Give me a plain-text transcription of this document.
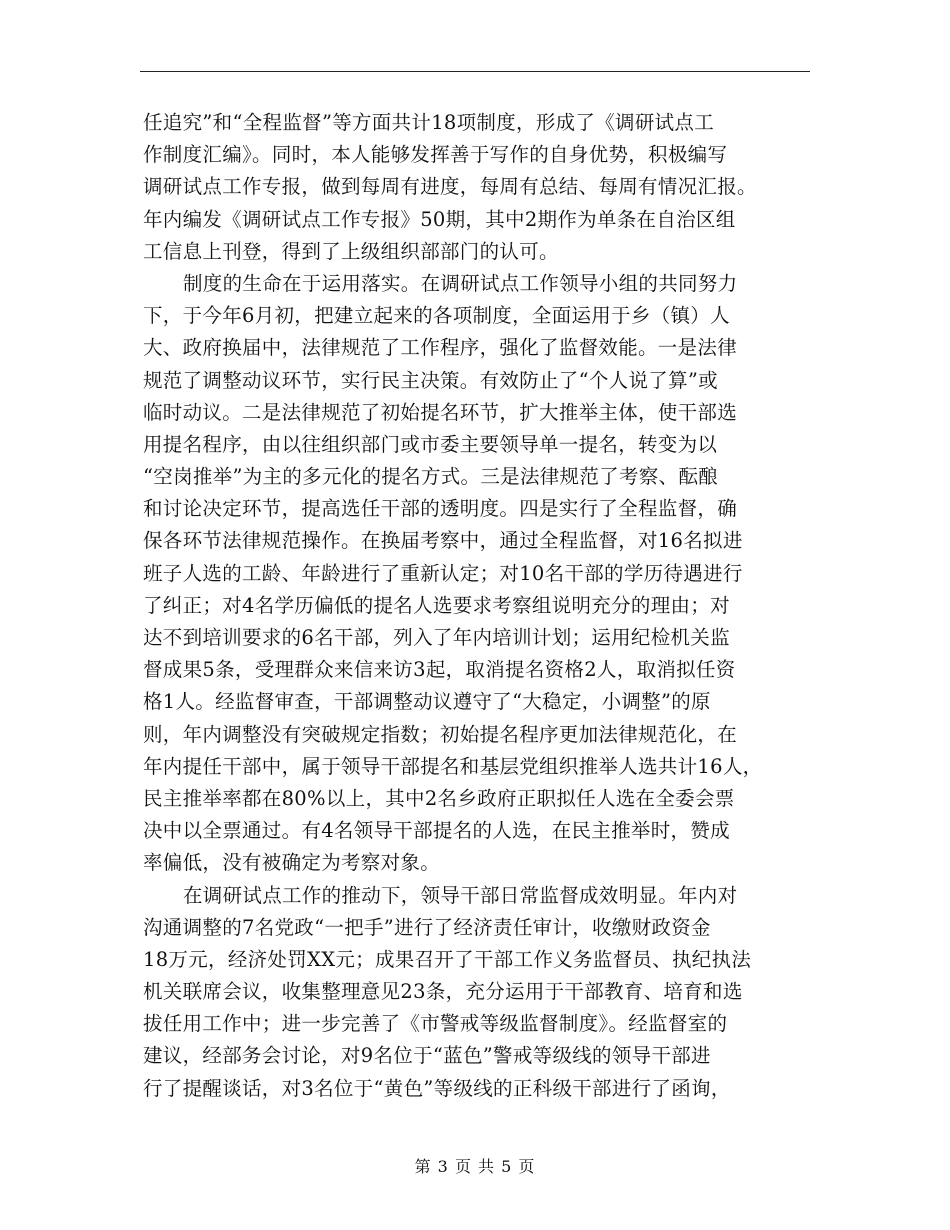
任追究”和“全程监督”等方面共计18项制度，形成了《调研试点工
作制度汇编》。同时，本人能够发挥善于写作的自身优势，积极编写
调研试点工作专报，做到每周有进度，每周有总结、每周有情况汇报。
年内编发《调研试点工作专报》50期，其中2期作为单条在自治区组
工信息上刊登，得到了上级组织部部门的认可。
制度的生命在于运用落实。在调研试点工作领导小组的共同努力
下，于今年6月初，把建立起来的各项制度，全面运用于乡（镇）人
大、政府换届中，法律规范了工作程序，强化了监督效能。一是法律
规范了调整动议环节，实行民主决策。有效防止了“个人说了算”或
临时动议。二是法律规范了初始提名环节，扩大推举主体，使干部选
用提名程序，由以往组织部门或市委主要领导单一提名，转变为以
“空岗推举”为主的多元化的提名方式。三是法律规范了考察、酝酿
和讨论决定环节，提高选任干部的透明度。四是实行了全程监督，确
保各环节法律规范操作。在换届考察中，通过全程监督，对16名拟进
班子人选的工龄、年龄进行了重新认定；对10名干部的学历待遇进行
了纠正；对4名学历偏低的提名人选要求考察组说明充分的理由；对
达不到培训要求的6名干部，列入了年内培训计划；运用纪检机关监
督成果5条，受理群众来信来访3起，取消提名资格2人，取消拟任资
格1人。经监督审查，干部调整动议遵守了“大稳定，小调整”的原
则，年内调整没有突破规定指数；初始提名程序更加法律规范化，在
年内提任干部中，属于领导干部提名和基层党组织推举人选共计16人，
民主推举率都在80%以上，其中2名乡政府正职拟任人选在全委会票
决中以全票通过。有4名领导干部提名的人选，在民主推举时，赞成
率偏低，没有被确定为考察对象。
在调研试点工作的推动下，领导干部日常监督成效明显。年内对
沟通调整的7名党政“一把手”进行了经济责任审计，收缴财政资金
18万元，经济处罚XX元；成果召开了干部工作义务监督员、执纪执法
机关联席会议，收集整理意见23条，充分运用于干部教育、培育和选
拔任用工作中；进一步完善了《市警戒等级监督制度》。经监督室的
建议，经部务会讨论，对9名位于“蓝色”警戒等级线的领导干部进
行了提醒谈话，对3名位于“黄色”等级线的正科级干部进行了函询，
第 3 页 共 5 页
